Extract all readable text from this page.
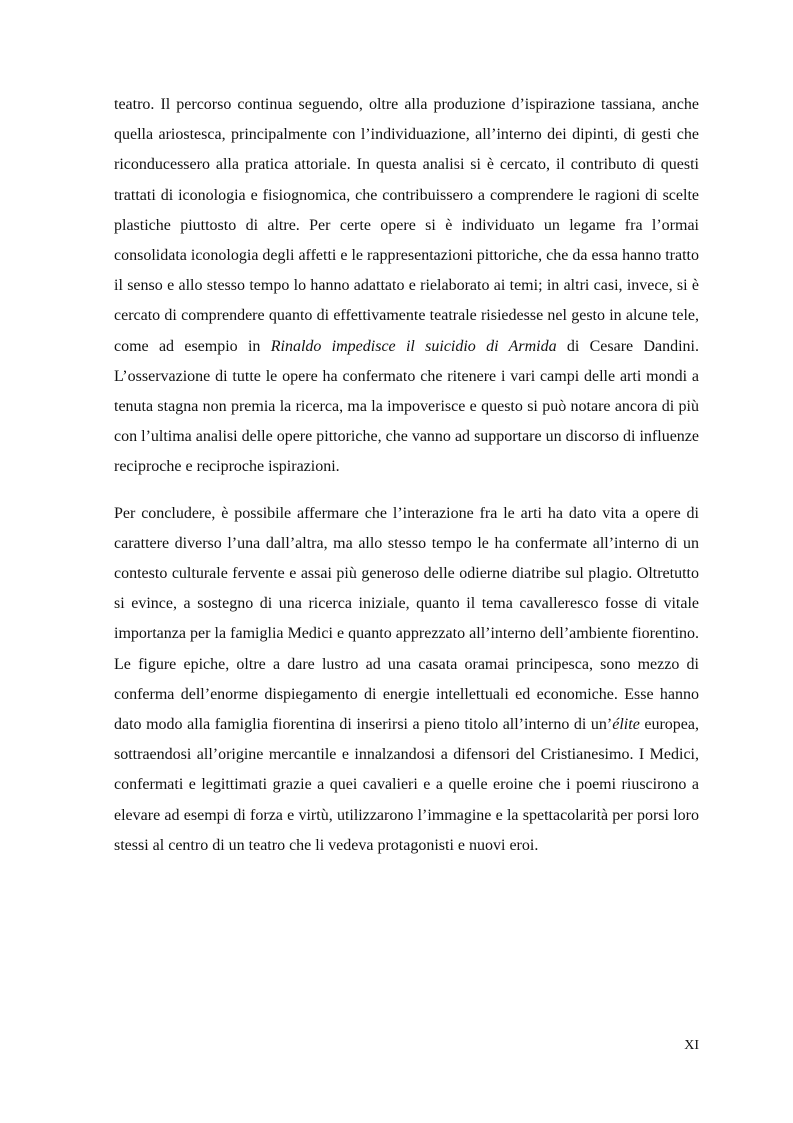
teatro. Il percorso continua seguendo, oltre alla produzione d’ispirazione tassiana, anche quella ariostesca, principalmente con l’individuazione, all’interno dei dipinti, di gesti che riconducessero alla pratica attoriale. In questa analisi si è cercato, il contributo di questi trattati di iconologia e fisiognomica, che contribuissero a comprendere le ragioni di scelte plastiche piuttosto di altre. Per certe opere si è individuato un legame fra l’ormai consolidata iconologia degli affetti e le rappresentazioni pittoriche, che da essa hanno tratto il senso e allo stesso tempo lo hanno adattato e rielaborato ai temi; in altri casi, invece, si è cercato di comprendere quanto di effettivamente teatrale risiedesse nel gesto in alcune tele, come ad esempio in Rinaldo impedisce il suicidio di Armida di Cesare Dandini. L’osservazione di tutte le opere ha confermato che ritenere i vari campi delle arti mondi a tenuta stagna non premia la ricerca, ma la impoverisce e questo si può notare ancora di più con l’ultima analisi delle opere pittoriche, che vanno ad supportare un discorso di influenze reciproche e reciproche ispirazioni.

Per concludere, è possibile affermare che l’interazione fra le arti ha dato vita a opere di carattere diverso l’una dall’altra, ma allo stesso tempo le ha confermate all’interno di un contesto culturale fervente e assai più generoso delle odierne diatribe sul plagio. Oltretutto si evince, a sostegno di una ricerca iniziale, quanto il tema cavalleresco fosse di vitale importanza per la famiglia Medici e quanto apprezzato all’interno dell’ambiente fiorentino. Le figure epiche, oltre a dare lustro ad una casata oramai principesca, sono mezzo di conferma dell’enorme dispiegamento di energie intellettuali ed economiche. Esse hanno dato modo alla famiglia fiorentina di inserirsi a pieno titolo all’interno di un’élite europea, sottraendosi all’origine mercantile e innalzandosi a difensori del Cristianesimo. I Medici, confermati e legittimati grazie a quei cavalieri e a quelle eroine che i poemi riuscirono a elevare ad esempi di forza e virtù, utilizzarono l’immagine e la spettacolarità per porsi loro stessi al centro di un teatro che li vedeva protagonisti e nuovi eroi.

XI
